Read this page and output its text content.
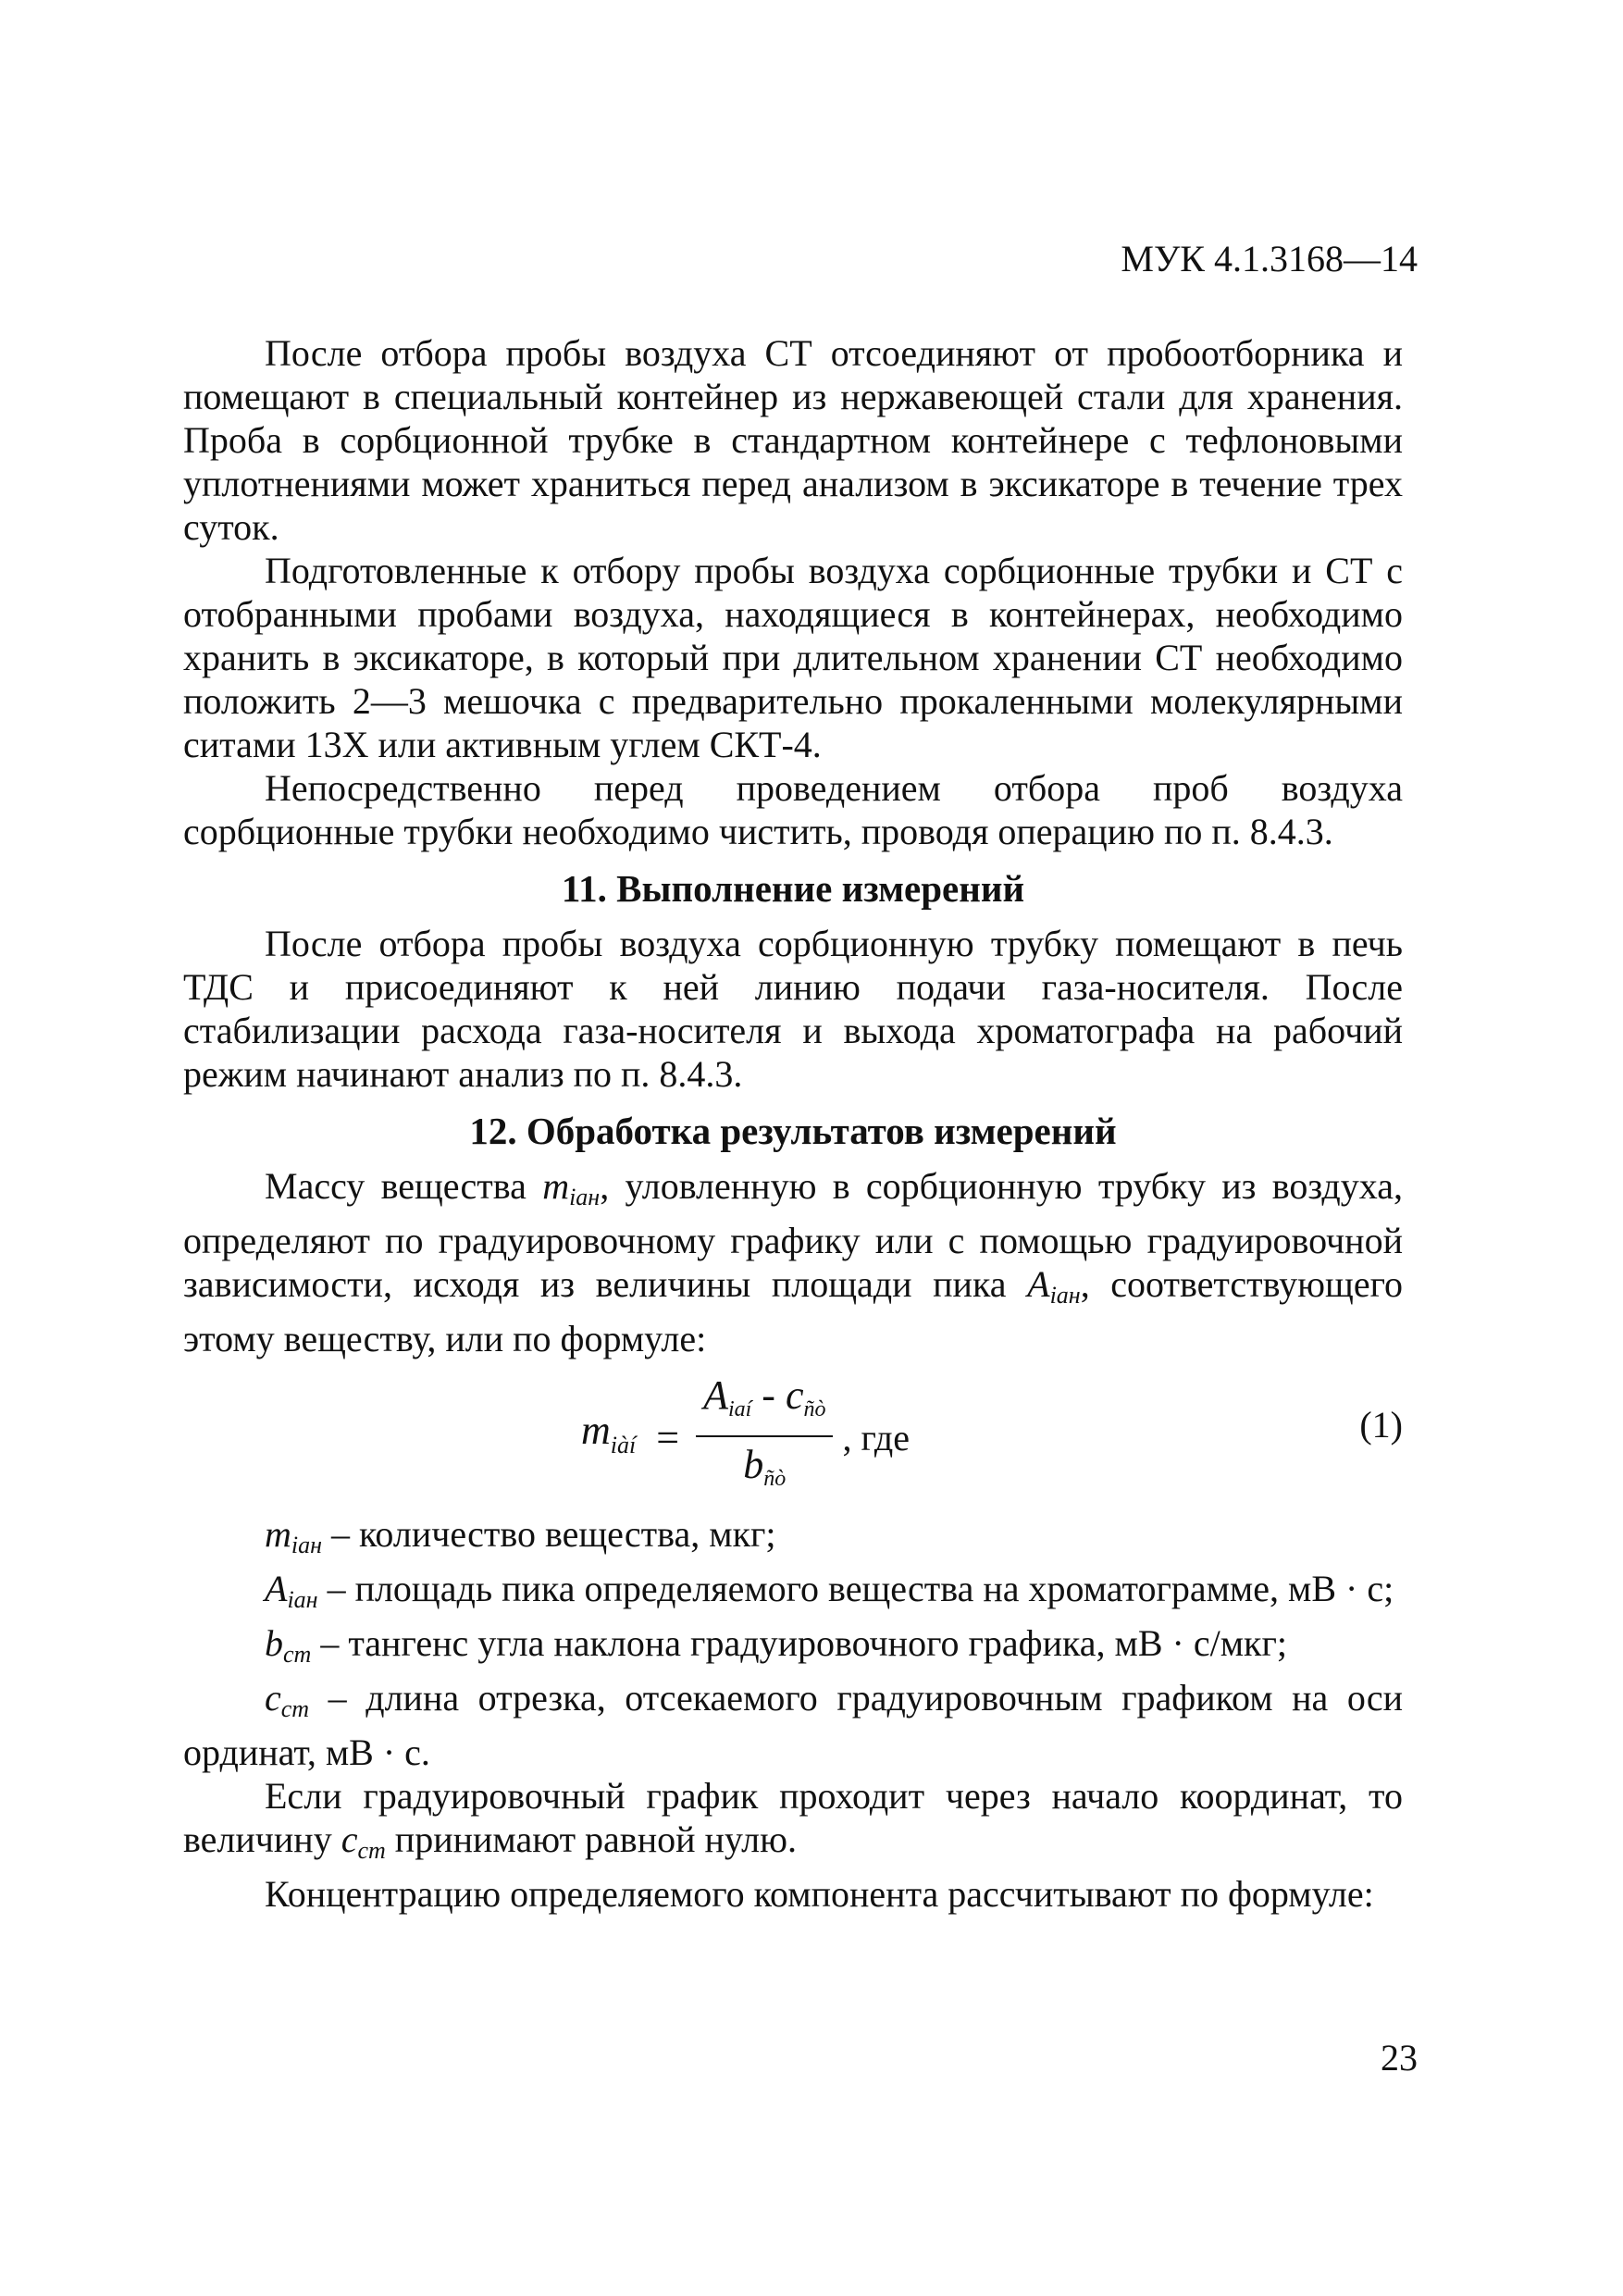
МУК 4.1.3168—14

После отбора пробы воздуха СТ отсоединяют от пробоотборника и помещают в специальный контейнер из нержавеющей стали для хранения. Проба в сорбционной трубке в стандартном контейнере с тефлоновыми уплотнениями может храниться перед анализом в эксикаторе в течение трех суток.

Подготовленные к отбору пробы воздуха сорбционные трубки и СТ с отобранными пробами воздуха, находящиеся в контейнерах, необходимо хранить в эксикаторе, в который при длительном хранении СТ необходимо положить 2—3 мешочка с предварительно прокаленными молекулярными ситами 13Х или активным углем СКТ-4.

Непосредственно перед проведением отбора проб воздуха сорбционные трубки необходимо чистить, проводя операцию по п. 8.4.3.

11. Выполнение измерений

После отбора пробы воздуха сорбционную трубку помещают в печь ТДС и присоединяют к ней линию подачи газа-носителя. После стабилизации расхода газа-носителя и выхода хроматографа на рабочий режим начинают анализ по п. 8.4.3.

12. Обработка результатов измерений

Массу вещества $m_{iан}$, уловленную в сорбционную трубку из воздуха, определяют по градуировочному графику или с помощью градуировочной зависимости, исходя из величины площади пика $A_{iан}$, соответствующего этому веществу, или по формуле:

$m_{iàí} = \frac{A_{iaí} - c_{ñò}}{b_{ñò}}$ , где	(1)

$m_{iан}$ – количество вещества, мкг;

$A_{iан}$ – площадь пика определяемого вещества на хроматограмме, мВ · с;

$b_{ст}$ – тангенс угла наклона градуировочного графика, мВ · с/мкг;

$c_{ст}$ – длина отрезка, отсекаемого градуировочным графиком на оси ординат, мВ · с.

Если градуировочный график проходит через начало координат, то величину $c_{ст}$ принимают равной нулю.

Концентрацию определяемого компонента рассчитывают по формуле:

23
